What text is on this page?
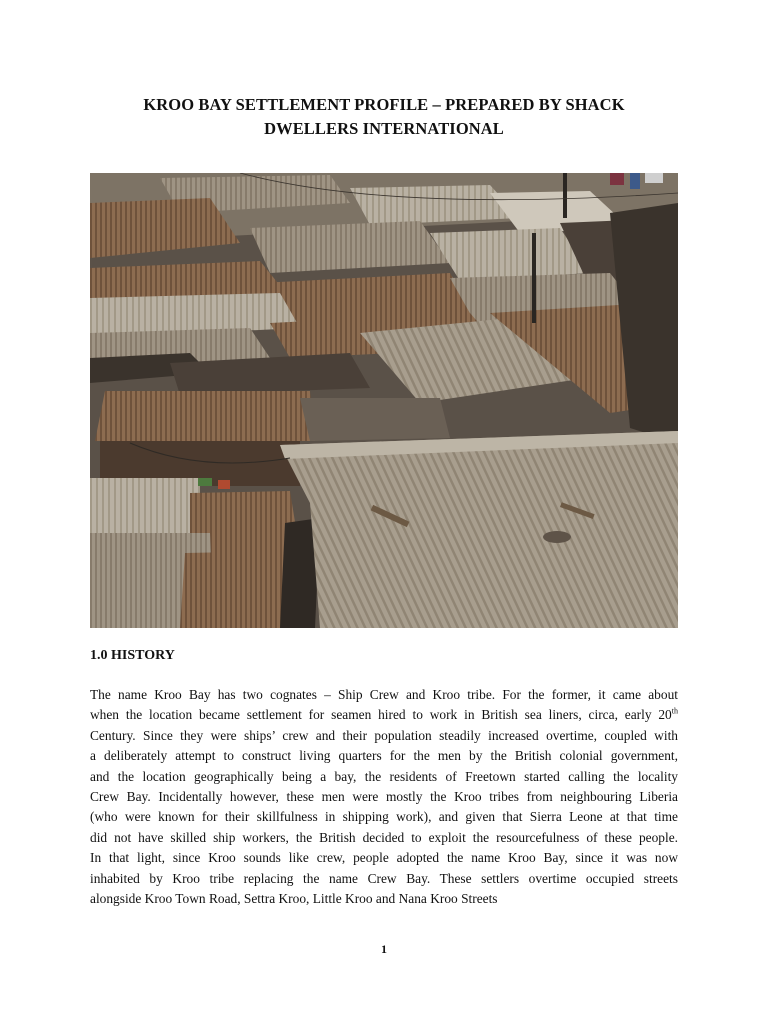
KROO BAY SETTLEMENT PROFILE – PREPARED BY SHACK
DWELLERS INTERNATIONAL
1.0 HISTORY
The name Kroo Bay has two cognates – Ship Crew and Kroo tribe. For the former, it came about
when the location became settlement for seamen hired to work in British sea liners, circa, early 20th
Century. Since they were ships’ crew and their population steadily increased overtime, coupled with
a deliberately attempt to construct living quarters for the men by the British colonial government,
and the location geographically being a bay, the residents of Freetown started calling the locality
Crew Bay. Incidentally however, these men were mostly the Kroo tribes from neighbouring Liberia
(who were known for their skillfulness in shipping work), and given that Sierra Leone at that time
did not have skilled ship workers, the British decided to exploit the resourcefulness of these people.
In that light, since Kroo sounds like crew, people adopted the name Kroo Bay, since it was now
inhabited by Kroo tribe replacing the name Crew Bay. These settlers overtime occupied streets
alongside Kroo Town Road, Settra Kroo, Little Kroo and Nana Kroo Streets
1
